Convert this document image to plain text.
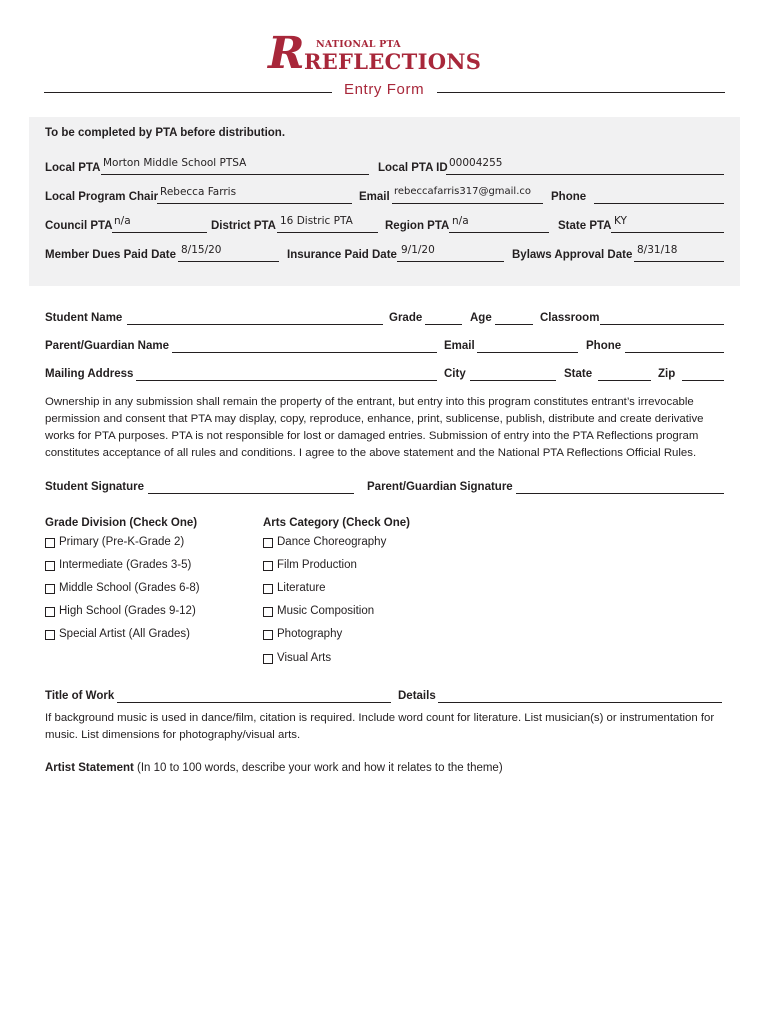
R NATIONAL PTA
REFLECTIONS
Entry Form
To be completed by PTA before distribution.
Local PTA Morton Middle School PTSA	Local PTA ID 00004255
Local Program Chair Rebecca Farris	Email rebeccafarris317@gmail.co Phone
Council PTA n/a	District PTA 16 Distric PTA	Region PTA n/a	State PTA KY
Member Dues Paid Date 8/15/20	Insurance Paid Date 9/1/20	Bylaws Approval Date 8/31/18
Student Name	Grade	Age	Classroom
Parent/Guardian Name	Email	Phone
Mailing Address	City	State	Zip
Ownership in any submission shall remain the property of the entrant, but entry into this program constitutes entrant’s irrevocable
permission and consent that PTA may display, copy, reproduce, enhance, print, sublicense, publish, distribute and create derivative
works for PTA purposes. PTA is not responsible for lost or damaged entries. Submission of entry into the PTA Reflections program
constitutes acceptance of all rules and conditions. I agree to the above statement and the National PTA Reflections Official Rules.
Student Signature	Parent/Guardian Signature
Grade Division (Check One)
Primary (Pre-K-Grade 2)
Intermediate (Grades 3-5)
Middle School (Grades 6-8)
High School (Grades 9-12)
Special Artist (All Grades)
Arts Category (Check One)
Dance Choreography
Film Production
Literature
Music Composition
Photography
Visual Arts
Title of Work	Details
If background music is used in dance/film, citation is required. Include word count for literature. List musician(s) or instrumentation for
music. List dimensions for photography/visual arts.
Artist Statement (In 10 to 100 words, describe your work and how it relates to the theme)
